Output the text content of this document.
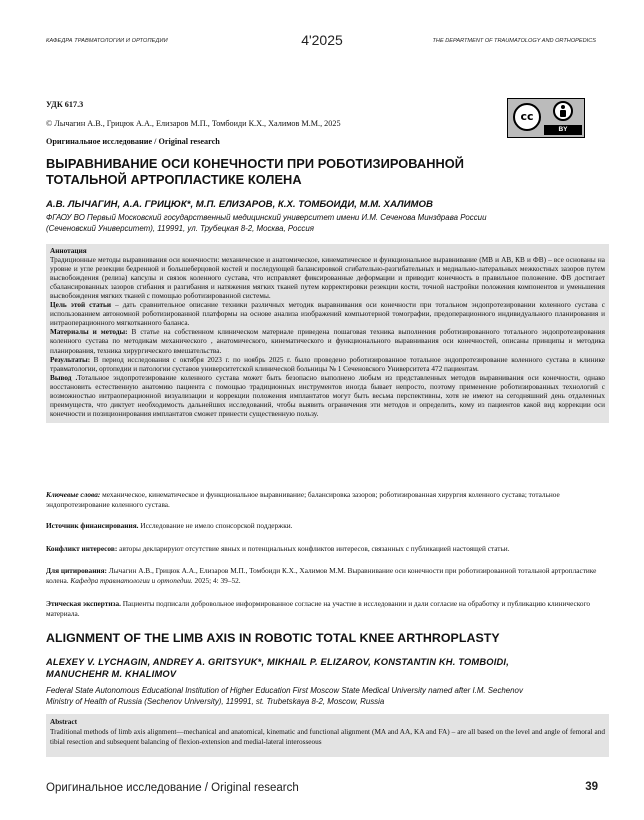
КАФЕДРА ТРАВМАТОЛОГИИ И ОРТОПЕДИИ	4'2025	THE DEPARTMENT OF TRAUMATOLOGY AND ORTHOPEDICS
УДК 617.3
© Лычагин А.В., Грицюк А.А., Елизаров М.П., Томбоиди К.Х., Халимов М.М., 2025
Оригинальное исследование / Original research
cc
BY
ВЫРАВНИВАНИЕ ОСИ КОНЕЧНОСТИ ПРИ РОБОТИЗИРОВАННОЙ
ТОТАЛЬНОЙ АРТРОПЛАСТИКЕ КОЛЕНА
А.В. ЛЫЧАГИН, А.А. ГРИЦЮК*, М.П. ЕЛИЗАРОВ, К.Х. ТОМБОИДИ, М.М. ХАЛИМОВ
ФГАОУ ВО Первый Московский государственный медицинский университет имени И.М. Сеченова Минздрава России
(Сеченовский Университет), 119991, ул. Трубецкая 8-2, Москва, Россия

Аннотация

Традиционные методы выравнивания оси конечности: механическое и анатомическое, кинематическое и функциональное выравнивание (МВ и АВ, КВ и ФВ) – все основаны на уровне и угле резекции бедренной и большеберцовой костей и последующей балансировкой сгибательно-разгибательных и медиально-латеральных межкостных зазоров путем высвобождения (релиза) капсулы и связок коленного сустава, что исправляет фиксированные деформации и приводит конечность в правильное положение. ФВ достигает сбалансированных зазоров сгибания и разгибания и натяжения мягких тканей путем корректировки резекции кости, точной настройки положения компонентов и уменьшения высвобождения мягких тканей с помощью роботизированной системы.

Цель этой статьи – дать сравнительное описание техники различных методик выравнивания оси конечности при тотальном эндопротезировании коленного сустава с использованием автономной роботизированной платформы на основе анализа изображений компьютерной томографии, предоперационного индивидуального планирования и интраоперационного мягкотканного баланса.

Материалы и методы: В статье на собственном клиническом материале приведена пошаговая техника выполнения роботизированного тотального эндопротезирования коленного сустава по методикам механического , анатомического, кинематического и функционального выравнивания оси конечностей, описаны принципы и методика планирования, техника хирургического вмешательства.

Результаты: В период исследования с октября 2023 г. по ноябрь 2025 г. было проведено роботизированное тотальное эндопротезирование коленного сустава в клинике травматологии, ортопедии и патологии суставов университетской клинической больницы № 1 Сеченовского Университета 472 пациентам.

Вывод .Тотальное эндопротезирование коленного сустава может быть безопасно выполнено любым из представленных методов выравнивания оси конечности, однако восстановить естественную анатомию пациента с помощью традиционных инструментов иногда бывает непросто, поэтому применение роботизированных технологий с возможностью интраоперационной визуализации и коррекции положения имплантатов могут быть весьма перспективны, хотя не имеют на сегодняшний день отдаленных преимуществ, что диктует необходимость дальнейших исследований, чтобы выявить ограничения эти методов и определить, кому из пациентов какой вид коррекции оси конечности и позиционирования имплантатов сможет принести существенную пользу.

Ключевые слова: механическое, кинематическое и функциональное выравнивание; балансировка зазоров; роботизированная хирургия коленного сустава; тотальное эндопротезирование коленного сустава.
Источник финансирования. Исследование не имело спонсорской поддержки.
Конфликт интересов: авторы декларируют отсутствие явных и потенциальных конфликтов интересов, связанных с публикацией настоящей статьи.
Для цитирования: Лычагин А.В., Грицюк А.А., Елизаров М.П., Томбоиди К.Х., Халимов М.М. Выравнивание оси конечности при роботизированной тотальной артропластике колена. Кафедра травматологии и ортопедии. 2025; 4: 39–52.
Этическая экспертиза. Пациенты подписали добровольное информированное согласие на участие в исследовании и дали согласие на обработку и публикацию клинического материала.
ALIGNMENT OF THE LIMB AXIS IN ROBOTIC TOTAL KNEE ARTHROPLASTY
ALEXEY V. LYCHAGIN, ANDREY A. GRITSYUK*, MIKHAIL P. ELIZAROV, KONSTANTIN KH. TOMBOIDI,
MANUCHEHR M. KHALIMOV
Federal State Autonomous Educational Institution of Higher Education First Moscow State Medical University named after I.M. Sechenov
Ministry of Health of Russia (Sechenov University), 119991, st. Trubetskaya 8-2, Moscow, Russia

Abstract

Traditional methods of limb axis alignment—mechanical and anatomical, kinematic and functional alignment (MA and AA, KA and FA) – are all based on the level and angle of femoral and tibial resection and subsequent balancing of flexion-extension and medial-lateral interosseous

Оригинальное исследование / Original research	39
